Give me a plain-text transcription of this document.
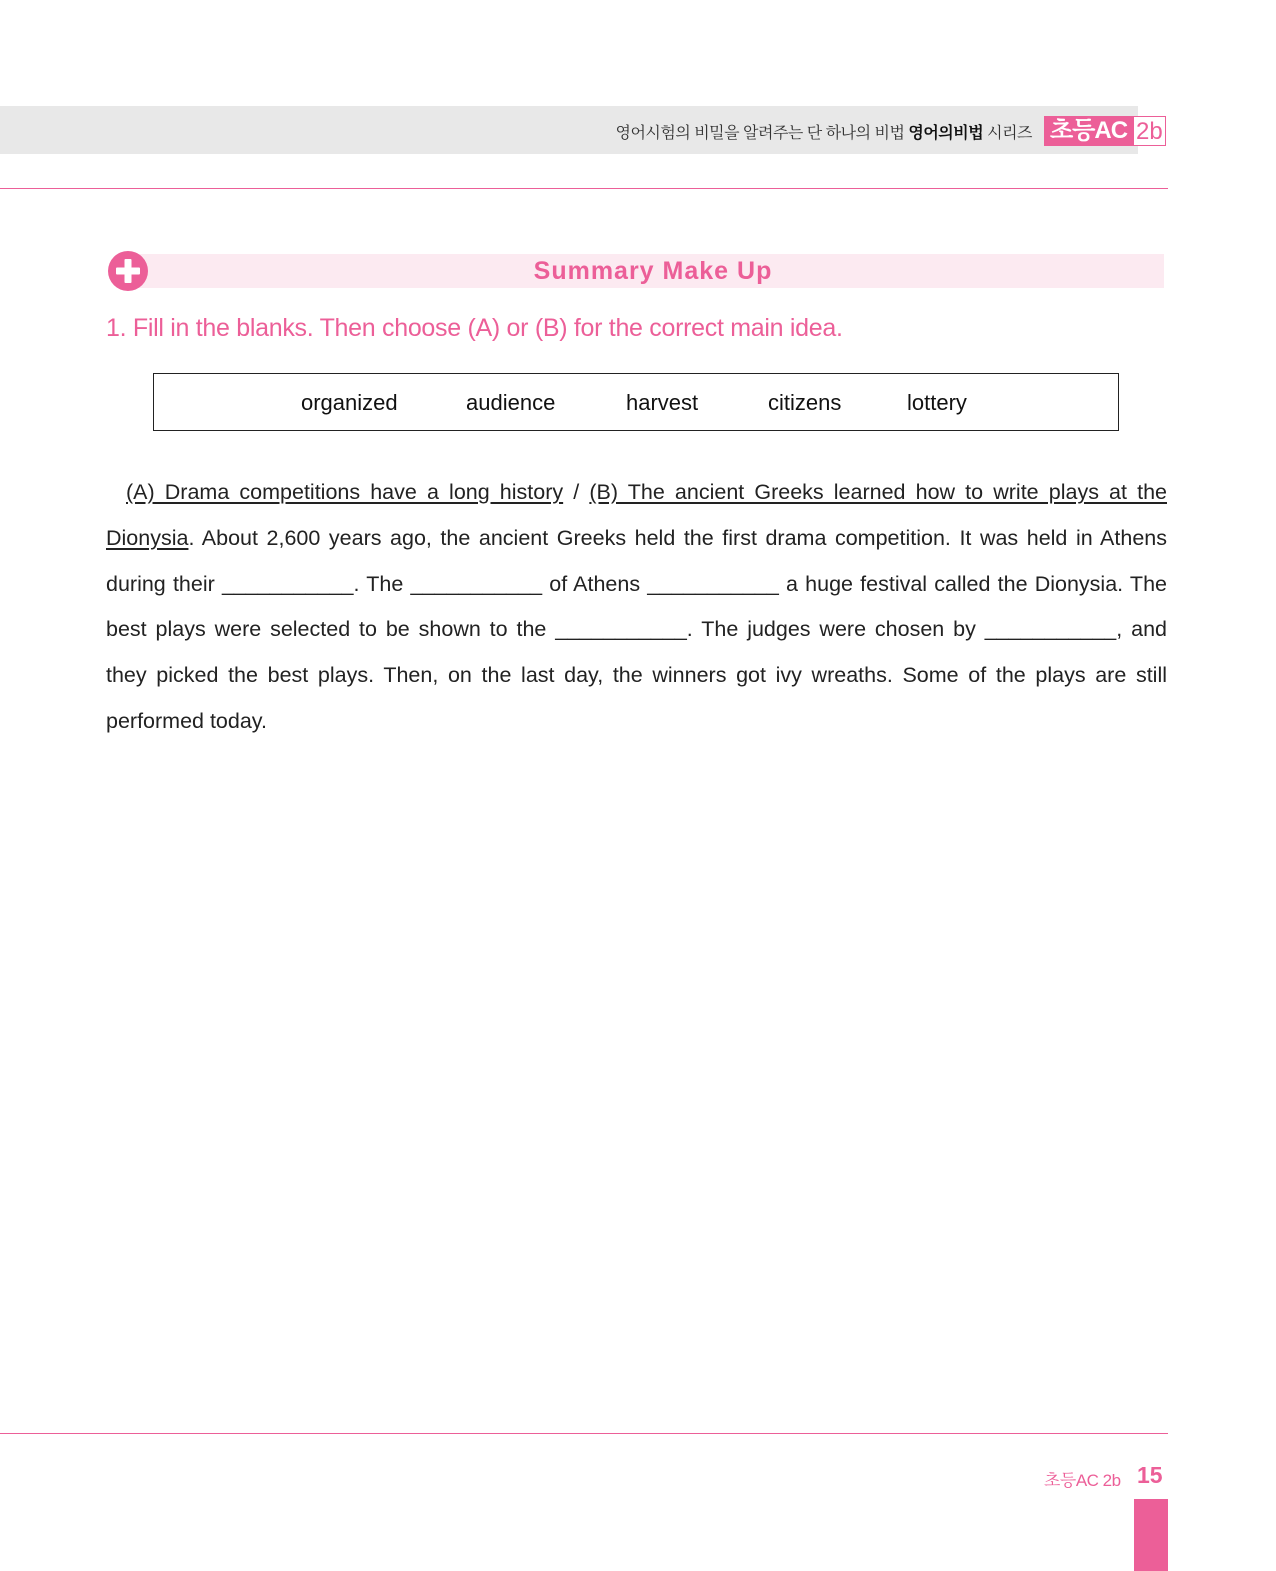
영어시험의 비밀을 알려주는 단 하나의 비법 영어의비법 시리즈 초등AC 2b
Summary Make Up
1. Fill in the blanks. Then choose (A) or (B) for the correct main idea.
organized	audience	harvest	citizens	lottery
(A) Drama competitions have a long history / (B) The ancient Greeks learned how to write plays at the Dionysia. About 2,600 years ago, the ancient Greeks held the first drama competition. It was held in Athens during their ___________. The ___________ of Athens ___________ a huge festival called the Dionysia. The best plays were selected to be shown to the ___________. The judges were chosen by ___________, and they picked the best plays. Then, on the last day, the winners got ivy wreaths. Some of the plays are still performed today.
초등AC 2b 15
